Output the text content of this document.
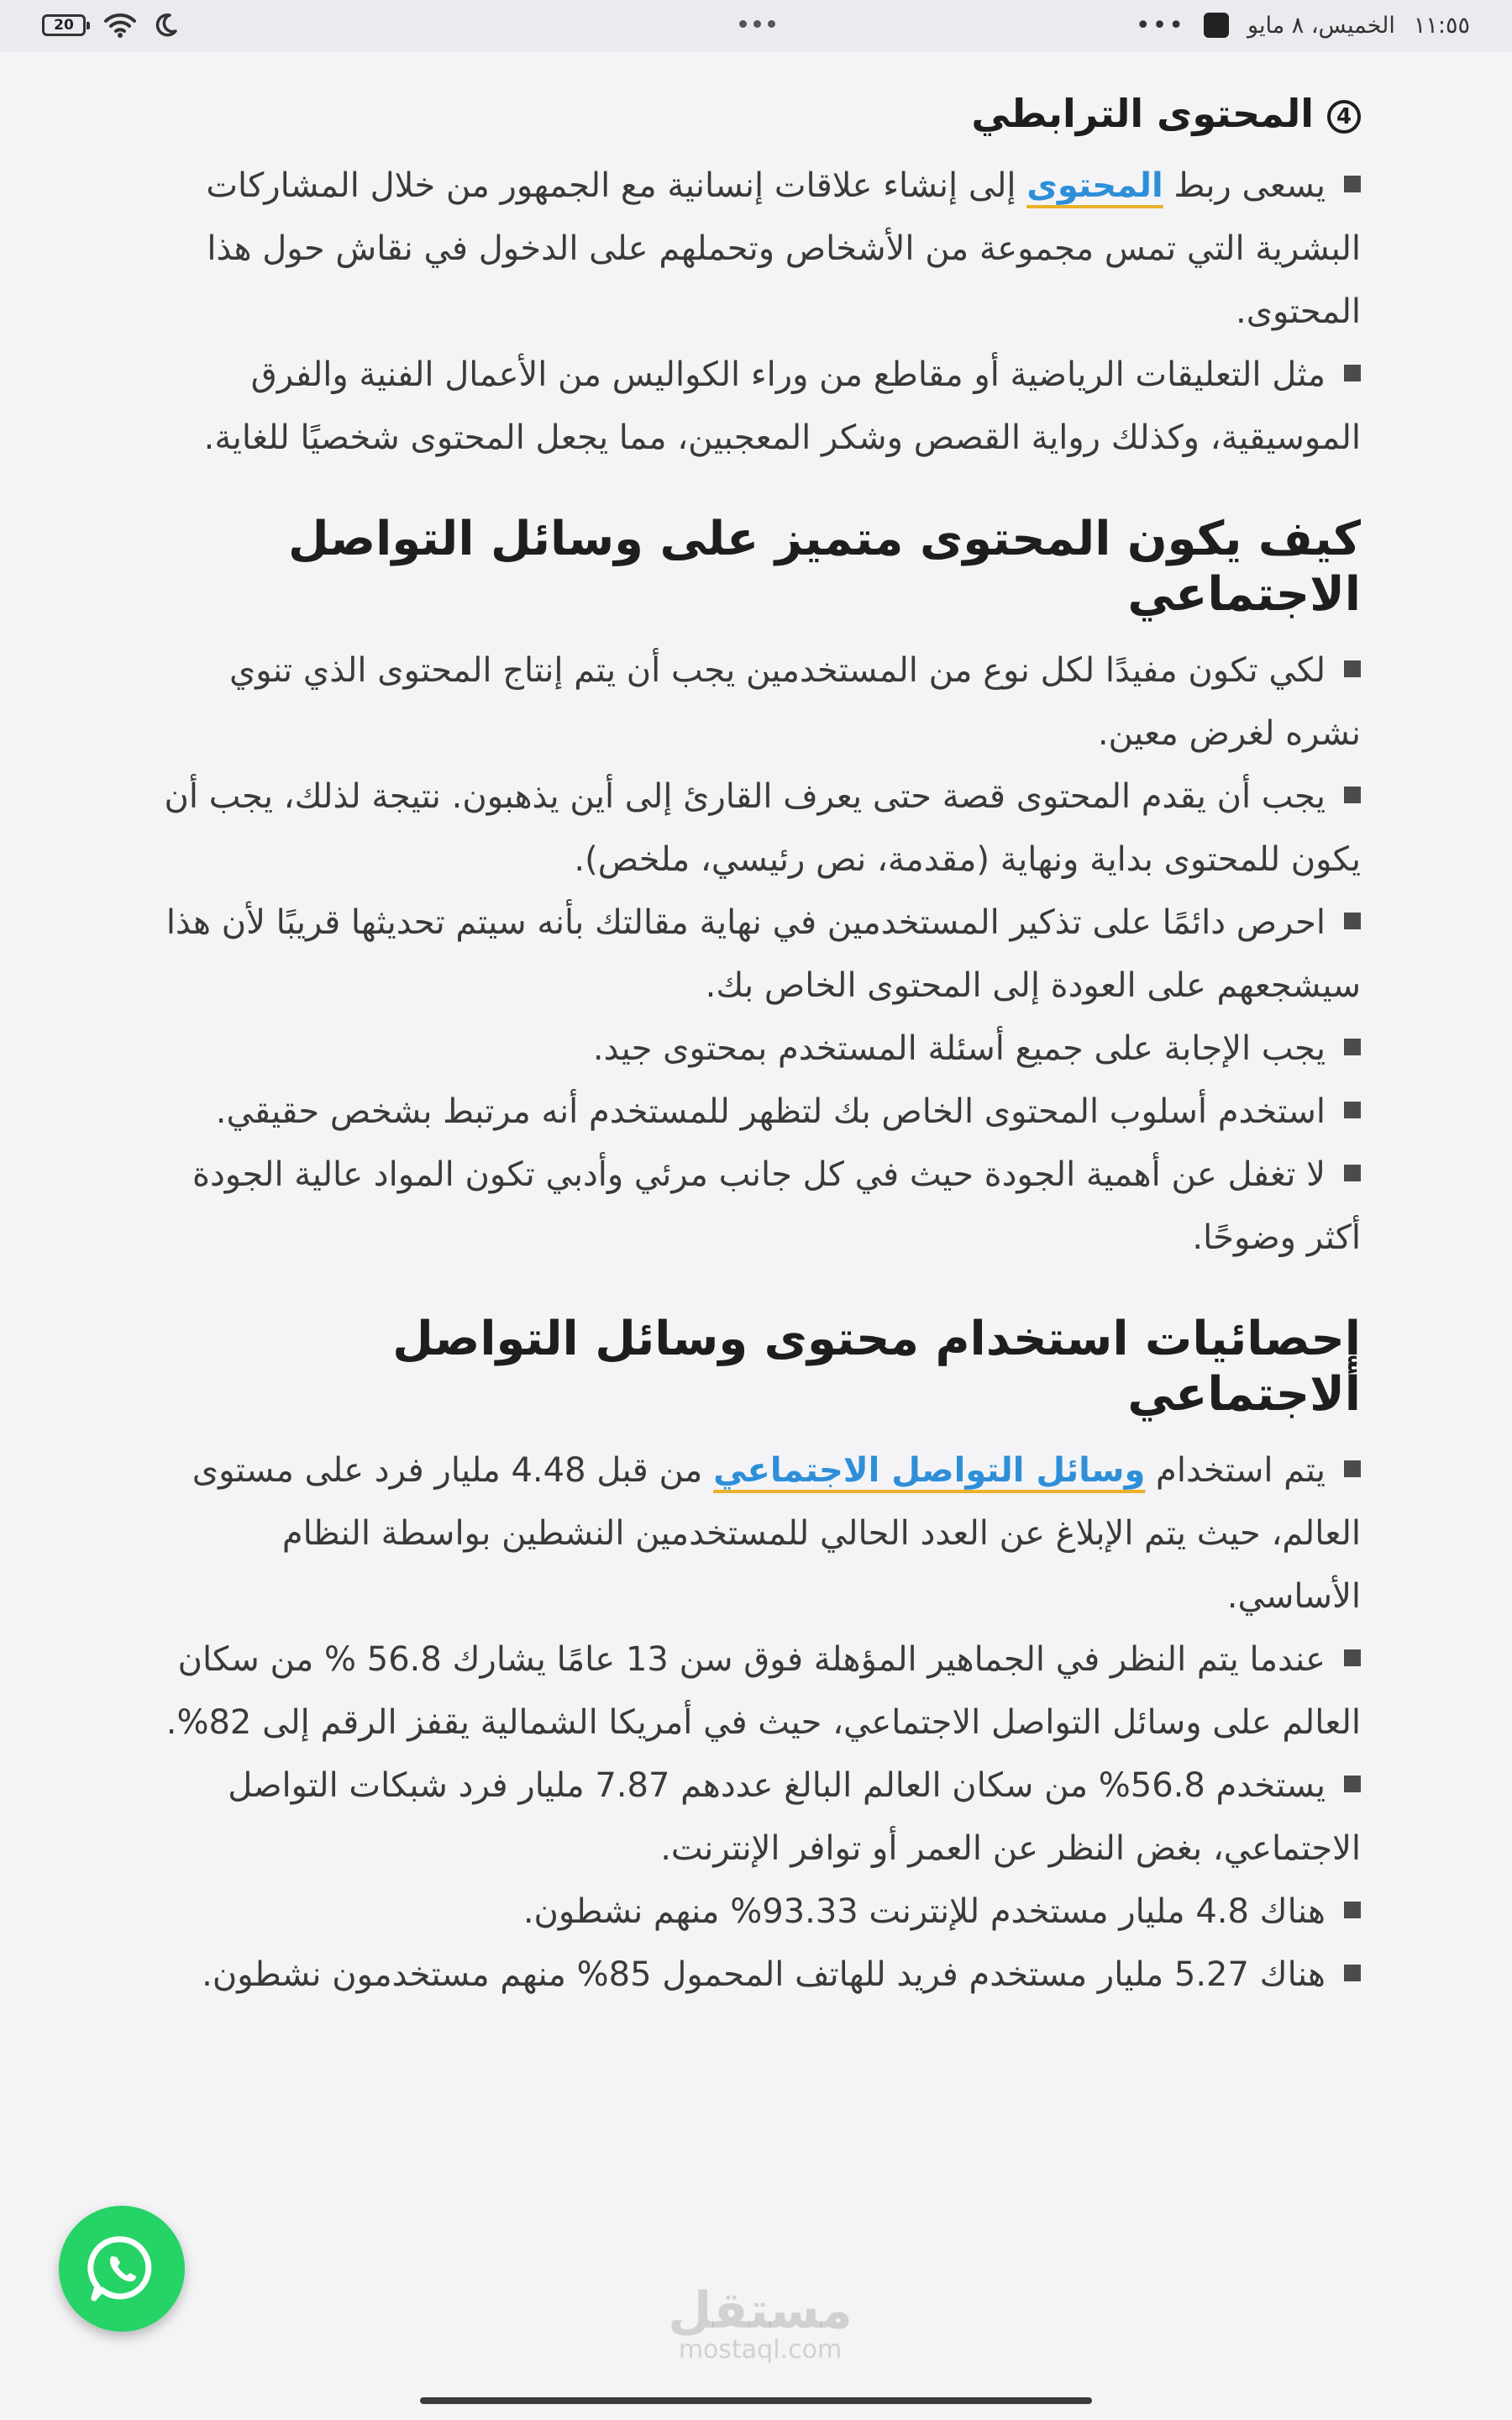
20	١١:٥٥
الخميس، ٨ مايو
•••
4المحتوى الترابطي
يسعى ربط المحتوى إلى إنشاء علاقات إنسانية مع الجمهور من خلال المشاركات البشرية التي تمس مجموعة من الأشخاص وتحملهم على الدخول في نقاش حول هذا المحتوى.
مثل التعليقات الرياضية أو مقاطع من وراء الكواليس من الأعمال الفنية والفرق الموسيقية، وكذلك رواية القصص وشكر المعجبين، مما يجعل المحتوى شخصيًا للغاية.
كيف يكون المحتوى متميز على وسائل التواصل الاجتماعي
لكي تكون مفيدًا لكل نوع من المستخدمين يجب أن يتم إنتاج المحتوى الذي تنوي نشره لغرض معين.
يجب أن يقدم المحتوى قصة حتى يعرف القارئ إلى أين يذهبون. نتيجة لذلك، يجب أن يكون للمحتوى بداية ونهاية (مقدمة، نص رئيسي، ملخص).
احرص دائمًا على تذكير المستخدمين في نهاية مقالتك بأنه سيتم تحديثها قريبًا لأن هذا سيشجعهم على العودة إلى المحتوى الخاص بك.
يجب الإجابة على جميع أسئلة المستخدم بمحتوى جيد.
استخدم أسلوب المحتوى الخاص بك لتظهر للمستخدم أنه مرتبط بشخص حقيقي.
لا تغفل عن أهمية الجودة حيث في كل جانب مرئي وأدبي تكون المواد عالية الجودة أكثر وضوحًا.
إحصائيات استخدام محتوى وسائل التواصل ألاجتماعي
يتم استخدام وسائل التواصل الاجتماعي من قبل 4.48 مليار فرد على مستوى العالم، حيث يتم الإبلاغ عن العدد الحالي للمستخدمين النشطين بواسطة النظام الأساسي.
عندما يتم النظر في الجماهير المؤهلة فوق سن 13 عامًا يشارك 56.8 % من سكان العالم على وسائل التواصل الاجتماعي، حيث في أمريكا الشمالية يقفز الرقم إلى 82%.
يستخدم 56.8% من سكان العالم البالغ عددهم 7.87 مليار فرد شبكات التواصل الاجتماعي، بغض النظر عن العمر أو توافر الإنترنت.
هناك 4.8 مليار مستخدم للإنترنت 93.33% منهم نشطون.
هناك 5.27 مليار مستخدم فريد للهاتف المحمول 85% منهم مستخدمون نشطون.
مستقل
mostaql.com
